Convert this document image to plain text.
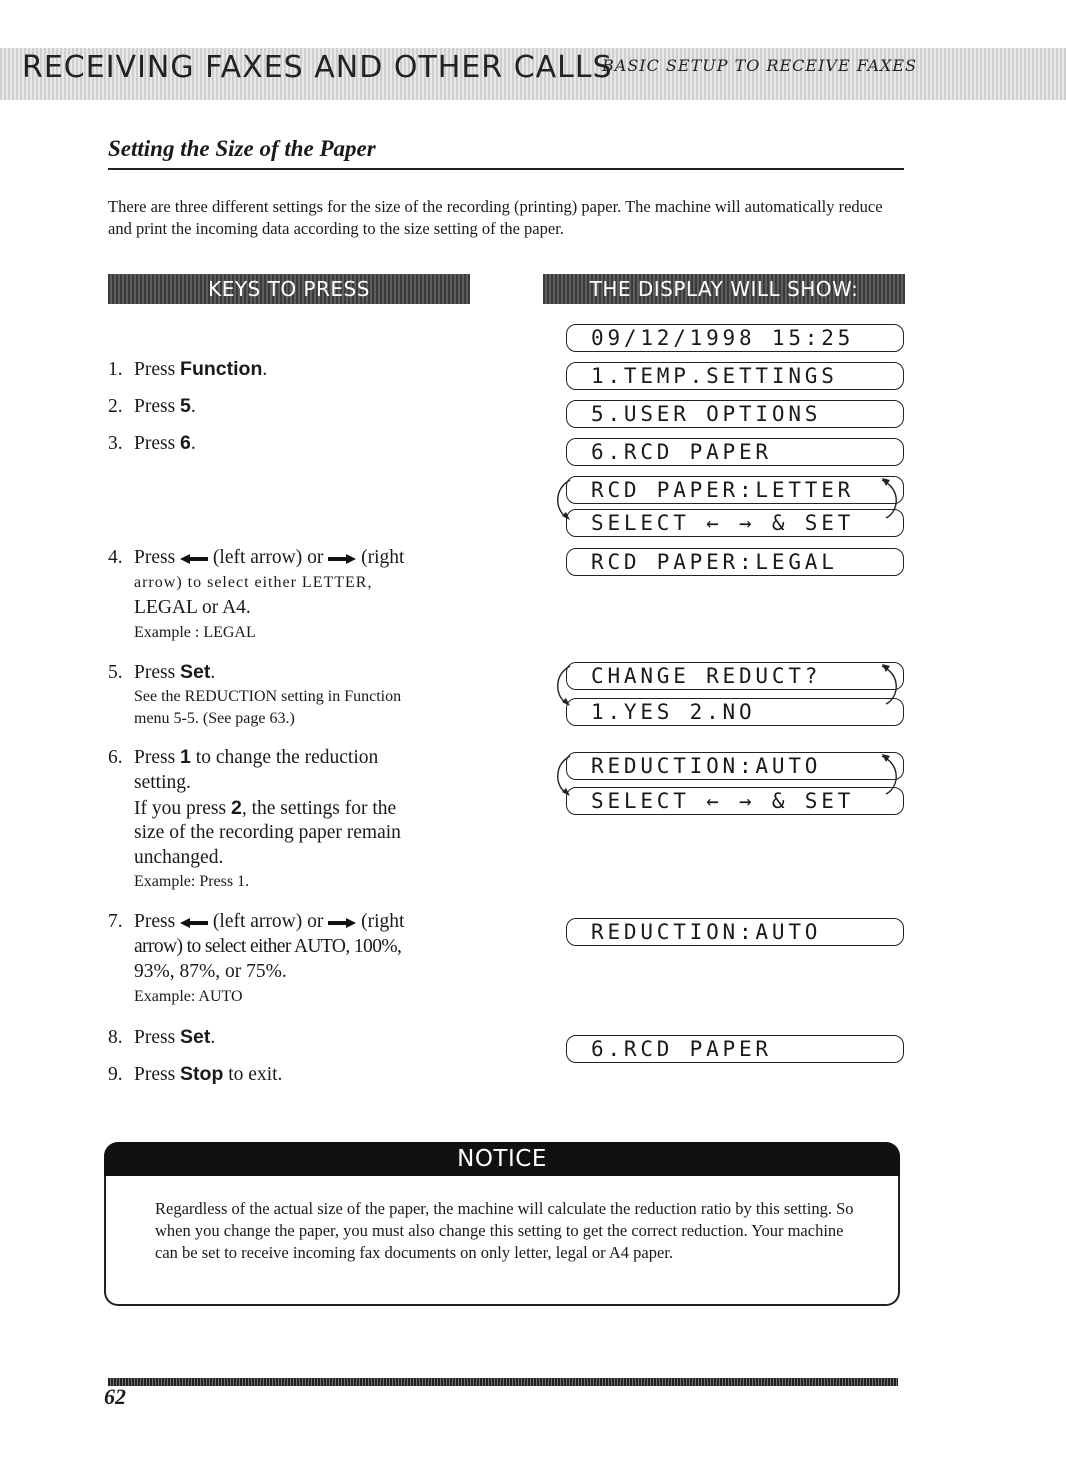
RECEIVING FAXES AND OTHER CALLS
BASIC SETUP TO RECEIVE FAXES
Setting the Size of the Paper
There are three different settings for the size of the recording (printing) paper. The machine will automatically reduce and print the incoming data according to the size setting of the paper.
KEYS TO PRESS	THE DISPLAY WILL SHOW:
1. Press Function.
2. Press 5.
3. Press 6.
4. Press  (left arrow) or  (right
arrow) to select either LETTER,
LEGAL or A4.
Example : LEGAL
5. Press Set.
See the REDUCTION setting in Function
menu 5-5. (See page 63.)
6. Press 1 to change the reduction
setting.
If you press 2, the settings for the
size of the recording paper remain
unchanged.
Example: Press 1.
7. Press  (left arrow) or  (right
arrow) to select either AUTO, 100%,
93%, 87%, or 75%.
Example: AUTO
8. Press Set.
9. Press Stop to exit.
09/12/1998 15:25
1.TEMP.SETTINGS
5.USER OPTIONS
6.RCD PAPER
RCD PAPER:LETTER
SELECT ← → & SET
RCD PAPER:LEGAL
CHANGE REDUCT?
1.YES 2.NO
REDUCTION:AUTO
SELECT ← → & SET
REDUCTION:AUTO
6.RCD PAPER
NOTICE
Regardless of the actual size of the paper, the machine will calculate the reduction ratio by this setting. So when you change the paper, you must also change this setting to get the correct reduction. Your machine can be set to receive incoming fax documents on only letter, legal or A4 paper.
62
